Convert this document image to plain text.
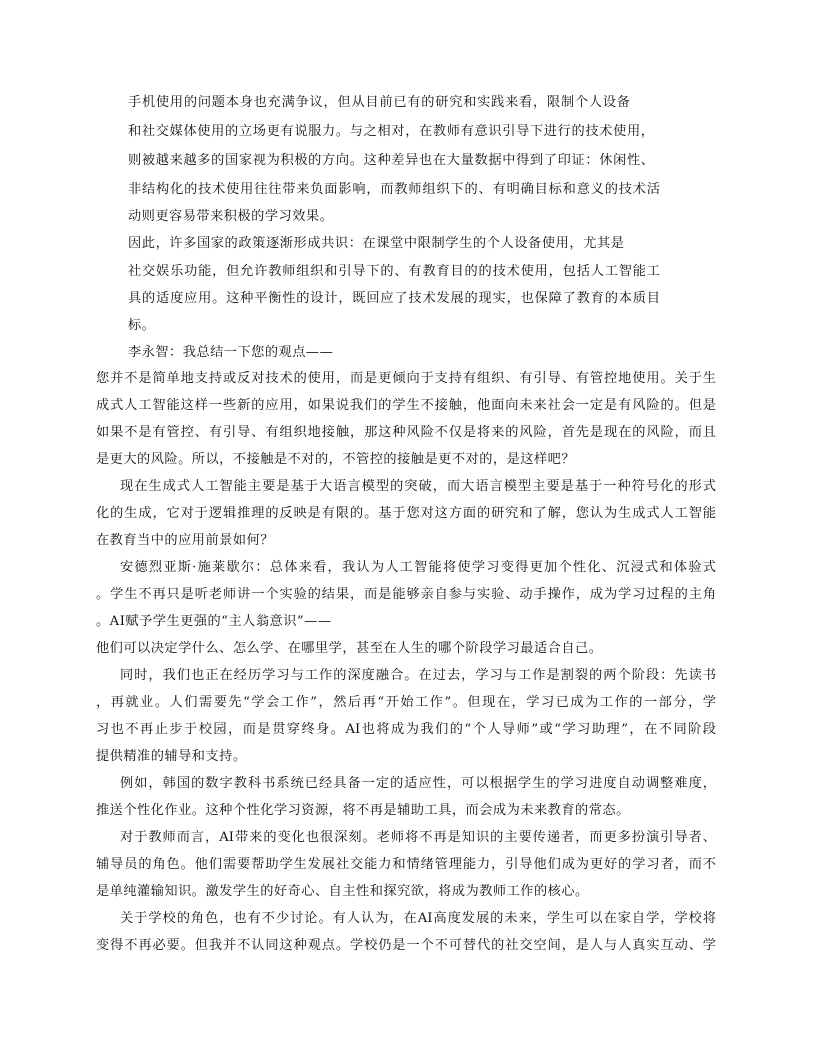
手机使用的问题本身也充满争议，但从目前已有的研究和实践来看，限制个人设备

和社交媒体使用的立场更有说服力。与之相对，在教师有意识引导下进行的技术使用，

则被越来越多的国家视为积极的方向。这种差异也在大量数据中得到了印证：休闲性、

非结构化的技术使用往往带来负面影响，而教师组织下的、有明确目标和意义的技术活

动则更容易带来积极的学习效果。

因此，许多国家的政策逐渐形成共识：在课堂中限制学生的个人设备使用，尤其是

社交娱乐功能，但允许教师组织和引导下的、有教育目的的技术使用，包括人工智能工

具的适度应用。这种平衡性的设计，既回应了技术发展的现实，也保障了教育的本质目

标。

李永智：我总结一下您的观点——

您并不是简单地支持或反对技术的使用，而是更倾向于支持有组织、有引导、有管控地使用。关于生

成式人工智能这样一些新的应用，如果说我们的学生不接触，他面向未来社会一定是有风险的。但是

如果不是有管控、有引导、有组织地接触，那这种风险不仅是将来的风险，首先是现在的风险，而且

是更大的风险。所以，不接触是不对的，不管控的接触是更不对的，是这样吧？

现在生成式人工智能主要是基于大语言模型的突破，而大语言模型主要是基于一种符号化的形式

化的生成，它对于逻辑推理的反映是有限的。基于您对这方面的研究和了解，您认为生成式人工智能

在教育当中的应用前景如何？

安德烈亚斯·施莱歇尔：总体来看，我认为人工智能将使学习变得更加个性化、沉浸式和体验式

。学生不再只是听老师讲一个实验的结果，而是能够亲自参与实验、动手操作，成为学习过程的主角

。AI赋予学生更强的“主人翁意识”——

他们可以决定学什么、怎么学、在哪里学，甚至在人生的哪个阶段学习最适合自己。

同时，我们也正在经历学习与工作的深度融合。在过去，学习与工作是割裂的两个阶段：先读书

，再就业。人们需要先“学会工作”，然后再“开始工作”。但现在，学习已成为工作的一部分，学

习也不再止步于校园，而是贯穿终身。AI也将成为我们的“个人导师”或“学习助理”，在不同阶段

提供精准的辅导和支持。

例如，韩国的数字教科书系统已经具备一定的适应性，可以根据学生的学习进度自动调整难度，

推送个性化作业。这种个性化学习资源，将不再是辅助工具，而会成为未来教育的常态。

对于教师而言，AI带来的变化也很深刻。老师将不再是知识的主要传递者，而更多扮演引导者、

辅导员的角色。他们需要帮助学生发展社交能力和情绪管理能力，引导他们成为更好的学习者，而不

是单纯灌输知识。激发学生的好奇心、自主性和探究欲，将成为教师工作的核心。

关于学校的角色，也有不少讨论。有人认为，在AI高度发展的未来，学生可以在家自学，学校将

变得不再必要。但我并不认同这种观点。学校仍是一个不可替代的社交空间，是人与人真实互动、学
